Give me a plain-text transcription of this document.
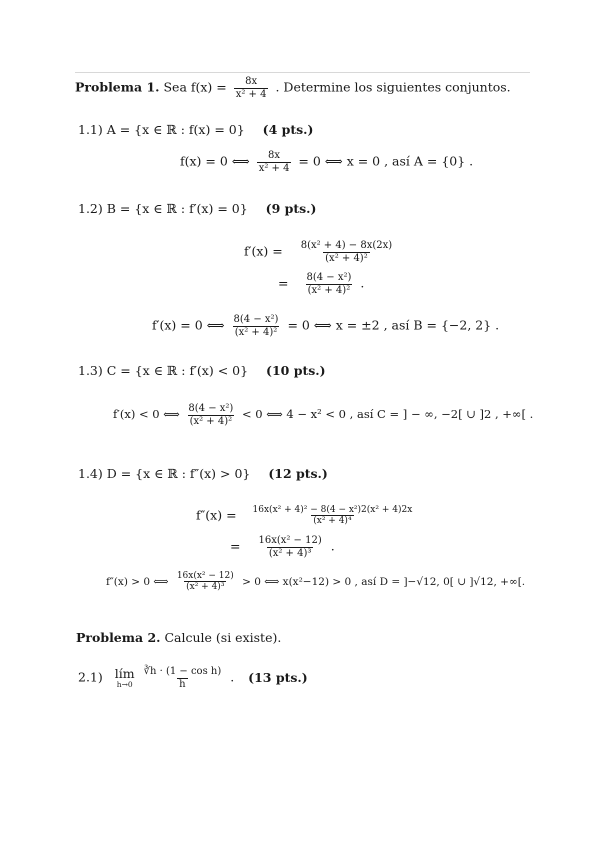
Problema 1. Sea $f(x) = \frac{8x}{\text{x² + 4}}$ . Determine los siguientes conjuntos.
1.1) A = {x ∈ ℝ : f(x) = 0} (4 pts.)
f(x) = 0 ⟺ $\frac{8x}{\text{x² + 4}} = 0$ ⟺ x = 0 , así A = {0} .
1.2) B = {x ∈ ℝ : f′(x) = 0} (9 pts.)
$f'(x) = \frac{\text{8(x² + 4) − 8x(2x)}}{\text{(x² + 4)²}}$
= $\frac{\text{8(4 − x²)}}{\text{(x² + 4)²}}$ .
f′(x) = 0 ⟺ $\frac{\text{8(4 − x²)}}{\text{(x² + 4)²}} = 0$ ⟺ x = ±2 , así B = {−2, 2} .
1.3) C = {x ∈ ℝ : f′(x) < 0} (10 pts.)
f′(x) < 0 ⟺ $\frac{\text{8(4 − x²)}}{\text{(x² + 4)²}} < 0$ ⟺ 4 − x² < 0 , así C = ] − ∞, −2[ ∪ ]2 , +∞[ .
1.4) D = {x ∈ ℝ : f″(x) > 0} (12 pts.)
$f''(x) = \frac{\text{16x(x² + 4)² − 8(4 − x²)2(x² + 4)2x}}{\text{(x² + 4)⁴}}$
= $\frac{\text{16x(x² − 12)}}{\text{(x² + 4)³}}$ .
f″(x) > 0 ⟺ $\frac{\text{16x(x² − 12)}}{\text{(x² + 4)³}} > 0$ ⟺ x(x²−12) > 0 , así D = ]−√12, 0[ ∪ ]√12, +∞[.
Problema 2. Calcule (si existe).
2.1) lím
h→0
$\frac{\text{∛h · (1 − cos h)}}{h}$ . (13 pts.)
